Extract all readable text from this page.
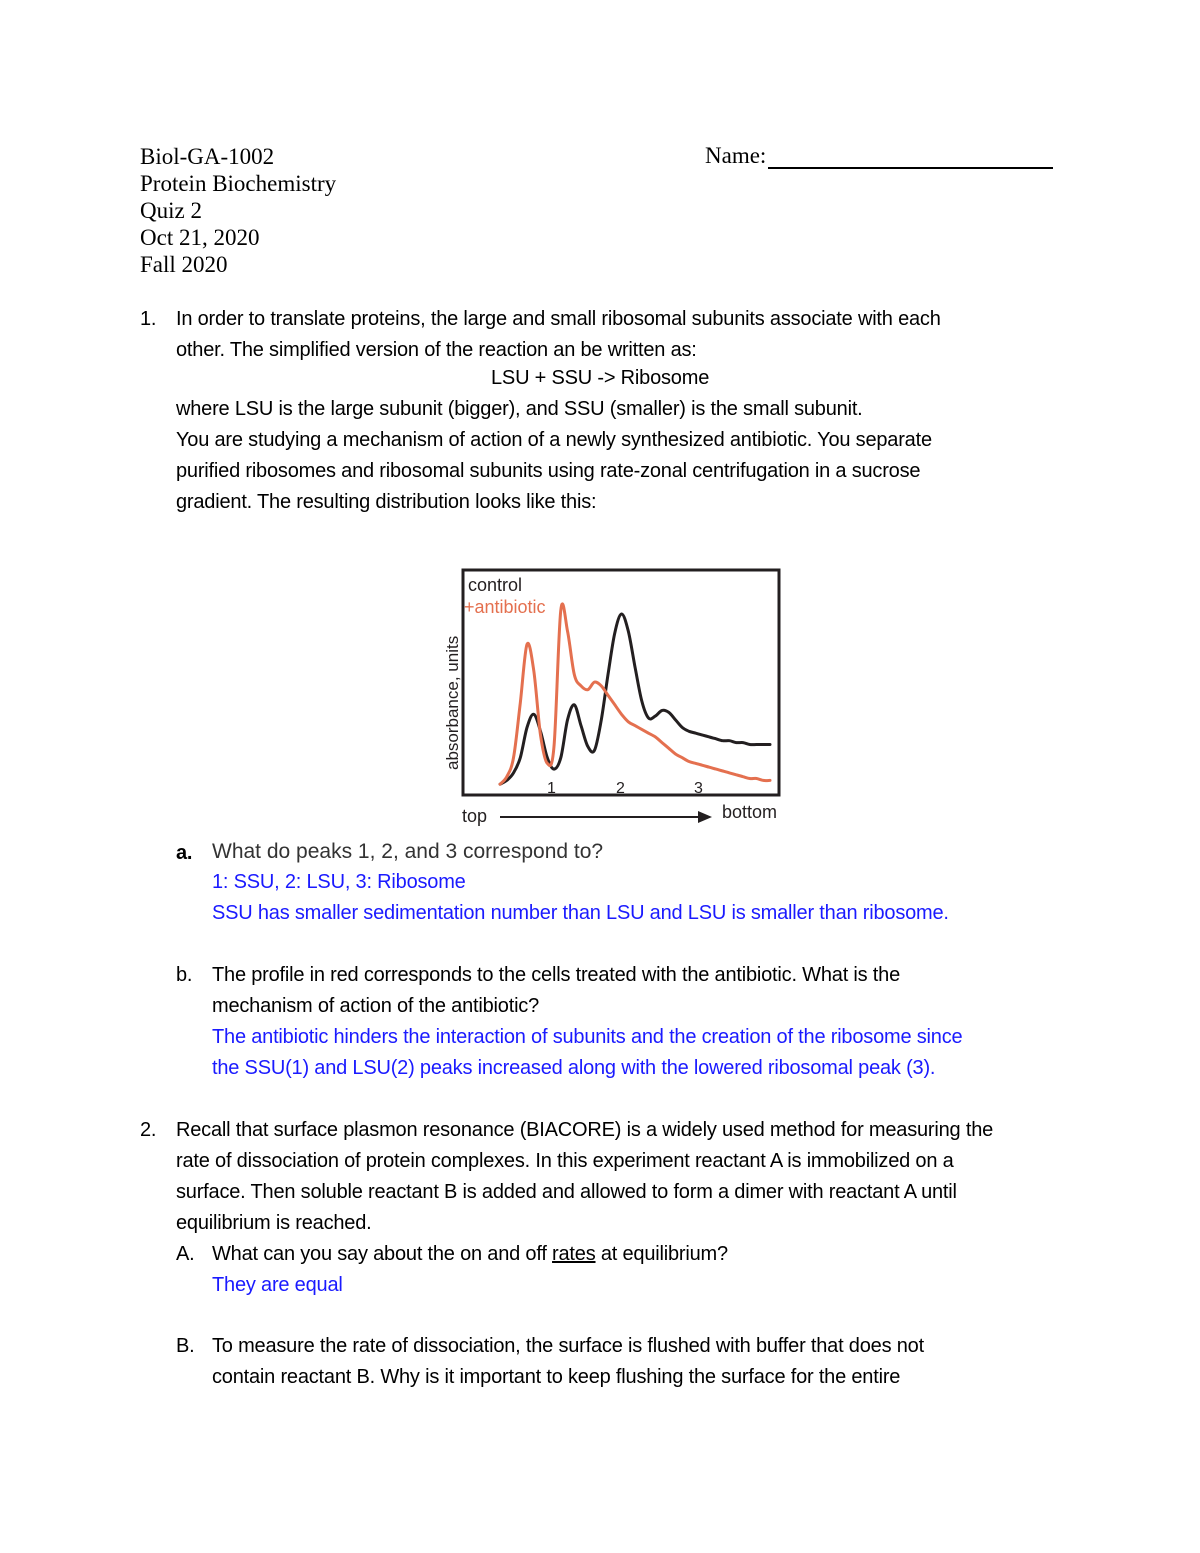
Biol-GA-1002
Protein Biochemistry
Quiz 2
Oct 21, 2020
Fall 2020
Name:
1. In order to translate proteins, the large and small ribosomal subunits associate with each
other. The simplified version of the reaction an be written as:
LSU + SSU -> Ribosome
where LSU is the large subunit (bigger), and SSU (smaller) is the small subunit.
You are studying a mechanism of action of a newly synthesized antibiotic. You separate
purified ribosomes and ribosomal subunits using rate-zonal centrifugation in a sucrose
gradient. The resulting distribution looks like this:
control
+antibiotic
absorbance, units
1	2	3
top	bottom
a. What do peaks 1, 2, and 3 correspond to?
1: SSU, 2: LSU, 3: Ribosome
SSU has smaller sedimentation number than LSU and LSU is smaller than ribosome.
b. The profile in red corresponds to the cells treated with the antibiotic. What is the
mechanism of action of the antibiotic?
The antibiotic hinders the interaction of subunits and the creation of the ribosome since
the SSU(1) and LSU(2) peaks increased along with the lowered ribosomal peak (3).
2. Recall that surface plasmon resonance (BIACORE) is a widely used method for measuring the
rate of dissociation of protein complexes. In this experiment reactant A is immobilized on a
surface. Then soluble reactant B is added and allowed to form a dimer with reactant A until
equilibrium is reached.
A. What can you say about the on and off rates at equilibrium?
They are equal
B. To measure the rate of dissociation, the surface is flushed with buffer that does not
contain reactant B. Why is it important to keep flushing the surface for the entire
